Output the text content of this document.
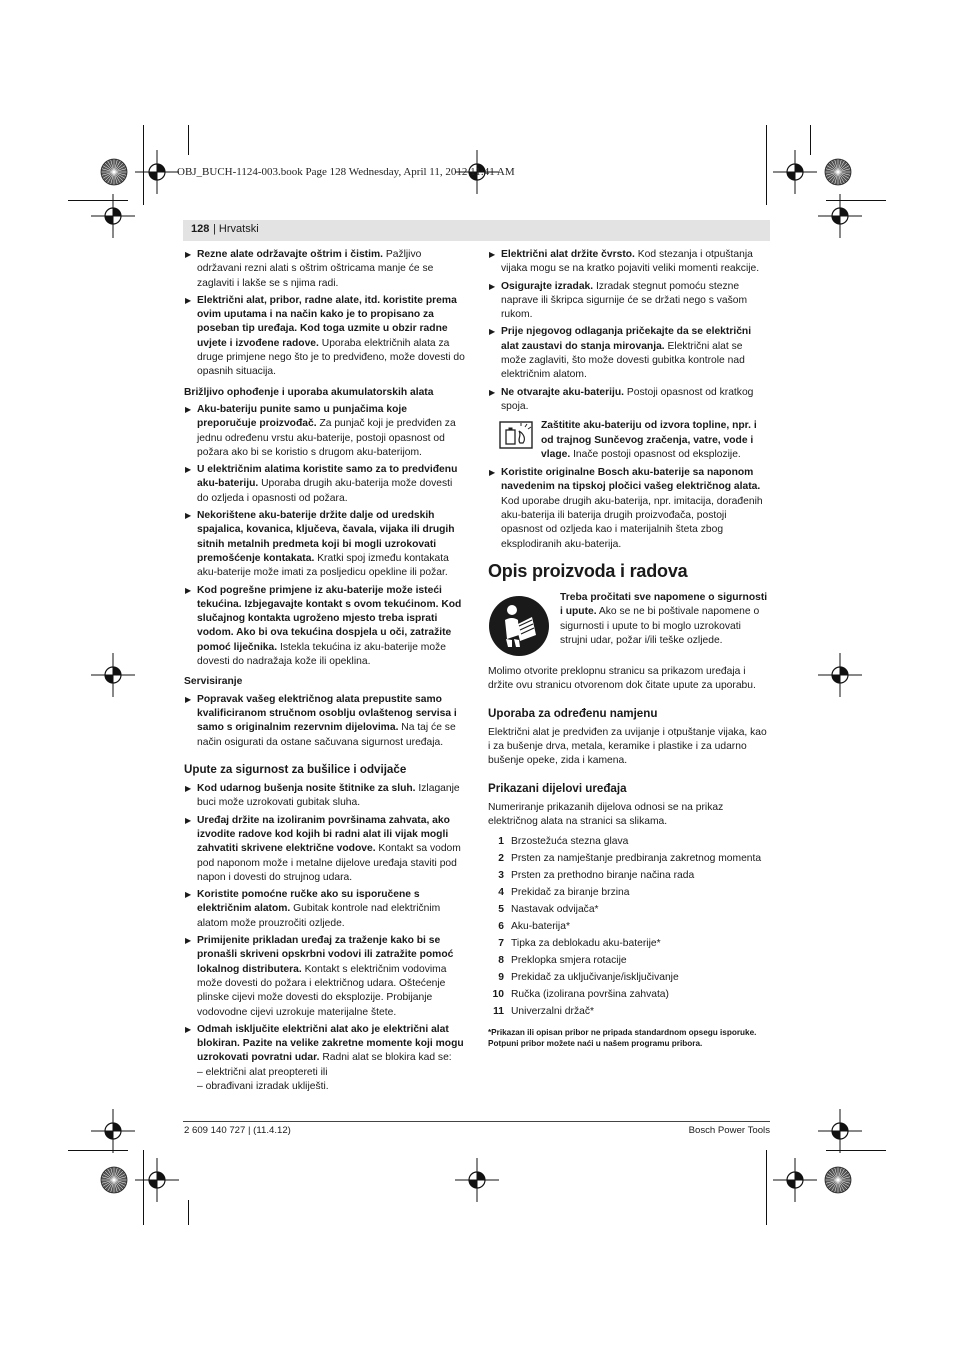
OBJ_BUCH-1124-003.book Page 128 Wednesday, April 11, 2012 11:41 AM
128 | Hrvatski
▶ Rezne alate održavajte oštrim i čistim. Pažljivo održavani rezni alati s oštrim oštricama manje će se zaglaviti i lakše se s njima radi.
▶ Električni alat, pribor, radne alate, itd. koristite prema ovim uputama i na način kako je to propisano za poseban tip uređaja. Kod toga uzmite u obzir radne uvjete i izvođene radove. Uporaba električnih alata za druge primjene nego što je to predviđeno, može dovesti do opasnih situacija.
Brižljivo ophođenje i uporaba akumulatorskih alata
▶ Aku-bateriju punite samo u punjačima koje preporučuje proizvođač. Za punjač koji je predviđen za jednu određenu vrstu aku-baterije, postoji opasnost od požara ako bi se koristio s drugom aku-baterijom.
▶ U električnim alatima koristite samo za to predviđenu aku-bateriju. Uporaba drugih aku-baterija može dovesti do ozljeda i opasnosti od požara.
▶ Nekorištene aku-baterije držite dalje od uredskih spajalica, kovanica, ključeva, čavala, vijaka ili drugih sitnih metalnih predmeta koji bi mogli uzrokovati premošćenje kontakata. Kratki spoj između kontakata aku-baterije može imati za posljedicu opekline ili požar.
▶ Kod pogrešne primjene iz aku-baterije može isteći tekućina. Izbjegavajte kontakt s ovom tekućinom. Kod slučajnog kontakta ugroženo mjesto treba isprati vodom. Ako bi ova tekućina dospjela u oči, zatražite pomoć liječnika. Istekla tekućina iz aku-baterije može dovesti do nadražaja kože ili opeklina.
Servisiranje
▶ Popravak vašeg električnog alata prepustite samo kvalificiranom stručnom osoblju ovlaštenog servisa i samo s originalnim rezervnim dijelovima. Na taj će se način osigurati da ostane sačuvana sigurnost uređaja.
Upute za sigurnost za bušilice i odvijače
▶ Kod udarnog bušenja nosite štitnike za sluh. Izlaganje buci može uzrokovati gubitak sluha.
▶ Uređaj držite na izoliranim površinama zahvata, ako izvodite radove kod kojih bi radni alat ili vijak mogli zahvatiti skrivene električne vodove. Kontakt sa vodom pod naponom može i metalne dijelove uređaja staviti pod napon i dovesti do strujnog udara.
▶ Koristite pomoćne ručke ako su isporučene s električnim alatom. Gubitak kontrole nad električnim alatom može prouzročiti ozljede.
▶ Primijenite prikladan uređaj za traženje kako bi se pronašli skriveni opskrbni vodovi ili zatražite pomoć lokalnog distributera. Kontakt s električnim vodovima može dovesti do požara i električnog udara. Oštećenje plinske cijevi može dovesti do eksplozije. Probijanje vodovodne cijevi uzrokuje materijalne štete.
▶ Odmah isključite električni alat ako je električni alat blokiran. Pazite na velike zakretne momente koji mogu uzrokovati povratni udar. Radni alat se blokira kad se:
– električni alat preopterеti ili
– obrađivani izradak ukliješti.
▶ Električni alat držite čvrsto. Kod stezanja i otpuštanja vijaka mogu se na kratko pojaviti veliki momenti reakcije.
▶ Osigurajte izradak. Izradak stegnut pomoću stezne naprave ili škripca sigurnije će se držati nego s vašom rukom.
▶ Prije njegovog odlaganja pričekajte da se električni alat zaustavi do stanja mirovanja. Električni alat se može zaglaviti, što može dovesti gubitka kontrole nad električnim alatom.
▶ Ne otvarajte aku-bateriju. Postoji opasnost od kratkog spoja.
Zaštitite aku-bateriju od izvora topline, npr. i od trajnog Sunčevog zračenja, vatre, vode i vlage. Inače postoji opasnost od eksplozije.
▶ Koristite originalne Bosch aku-baterije sa naponom navedenim na tipskoj pločici vašeg električnog alata. Kod uporabe drugih aku-baterija, npr. imitacija, dorađenih aku-baterija ili baterija drugih proizvođača, postoji opasnost od ozljeda kao i materijalnih šteta zbog eksplodiranih aku-baterija.
Opis proizvoda i radova
Treba pročitati sve napomene o sigurnosti i upute. Ako se ne bi poštivale napomene o sigurnosti i upute to bi moglo uzrokovati strujni udar, požar i/ili teške ozljede.
Molimo otvorite preklopnu stranicu sa prikazom uređaja i držite ovu stranicu otvorenom dok čitate upute za uporabu.
Uporaba za određenu namjenu
Električni alat je predviđen za uvijanje i otpuštanje vijaka, kao i za bušenje drva, metala, keramike i plastike i za udarno bušenje opeke, zida i kamena.
Prikazani dijelovi uređaja
Numeriranje prikazanih dijelova odnosi se na prikaz električnog alata na stranici sa slikama.
1 Brzostežuća stezna glava
2 Prsten za namještanje predbiranja zakretnog momenta
3 Prsten za prethodno biranje načina rada
4 Prekidač za biranje brzina
5 Nastavak odvijača*
6 Aku-baterija*
7 Tipka za deblokadu aku-baterije*
8 Preklopka smjera rotacije
9 Prekidač za uključivanje/isključivanje
10 Ručka (izolirana površina zahvata)
11 Univerzalni držač*
*Prikazan ili opisan pribor ne pripada standardnom opsegu isporuke. Potpuni pribor možete naći u našem programu pribora.
2 609 140 727 | (11.4.12)	Bosch Power Tools
